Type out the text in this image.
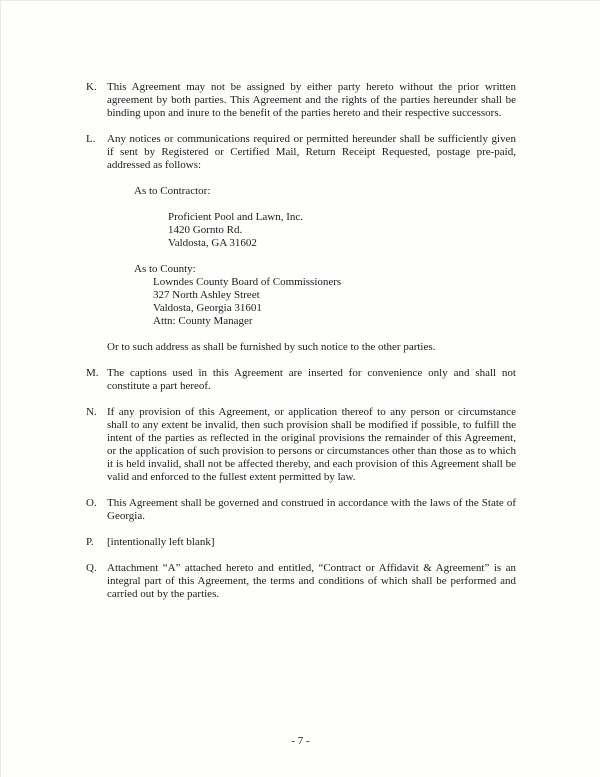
K. This Agreement may not be assigned by either party hereto without the prior written agreement by both parties. This Agreement and the rights of the parties hereunder shall be binding upon and inure to the benefit of the parties hereto and their respective successors.
L. Any notices or communications required or permitted hereunder shall be sufficiently given if sent by Registered or Certified Mail, Return Receipt Requested, postage pre-paid, addressed as follows:
As to Contractor:
Proficient Pool and Lawn, Inc.
1420 Gornto Rd.
Valdosta, GA 31602
As to County:
Lowndes County Board of Commissioners
327 North Ashley Street
Valdosta, Georgia 31601
Attn: County Manager
Or to such address as shall be furnished by such notice to the other parties.
M. The captions used in this Agreement are inserted for convenience only and shall not constitute a part hereof.
N. If any provision of this Agreement, or application thereof to any person or circumstance shall to any extent be invalid, then such provision shall be modified if possible, to fulfill the intent of the parties as reflected in the original provisions the remainder of this Agreement, or the application of such provision to persons or circumstances other than those as to which it is held invalid, shall not be affected thereby, and each provision of this Agreement shall be valid and enforced to the fullest extent permitted by law.
O. This Agreement shall be governed and construed in accordance with the laws of the State of Georgia.
P. [intentionally left blank]
Q. Attachment “A” attached hereto and entitled, “Contract or Affidavit & Agreement” is an integral part of this Agreement, the terms and conditions of which shall be performed and carried out by the parties.
- 7 -
